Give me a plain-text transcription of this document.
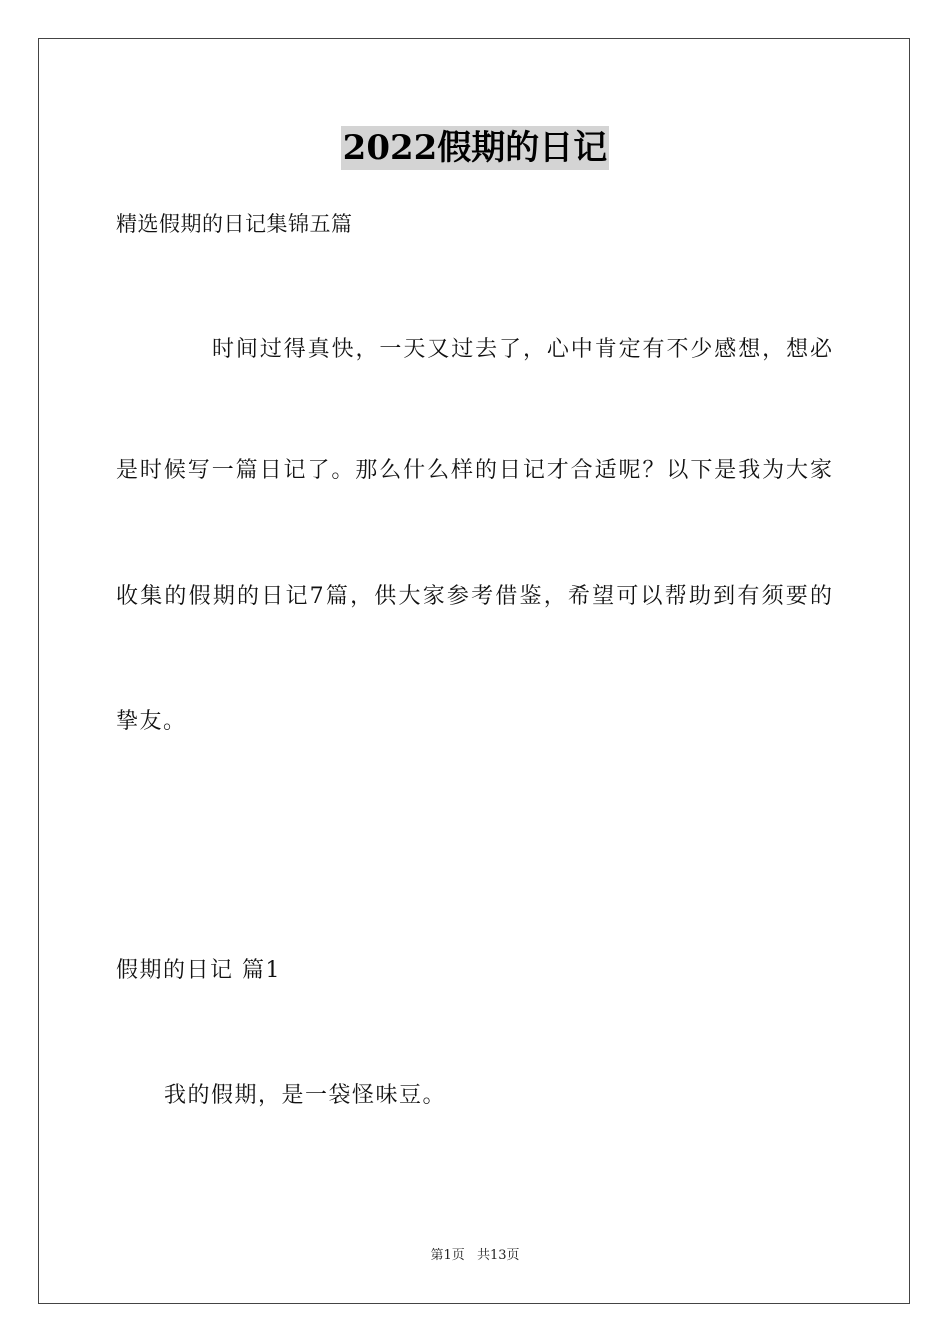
2022假期的日记

精选假期的日记集锦五篇

时间过得真快，一天又过去了，心中肯定有不少感想，想必

是时候写一篇日记了。那么什么样的日记才合适呢？以下是我为大家

收集的假期的日记7篇，供大家参考借鉴，希望可以帮助到有须要的

挚友。

假期的日记 篇1

我的假期，是一袋怪味豆。

第1页 共13页
